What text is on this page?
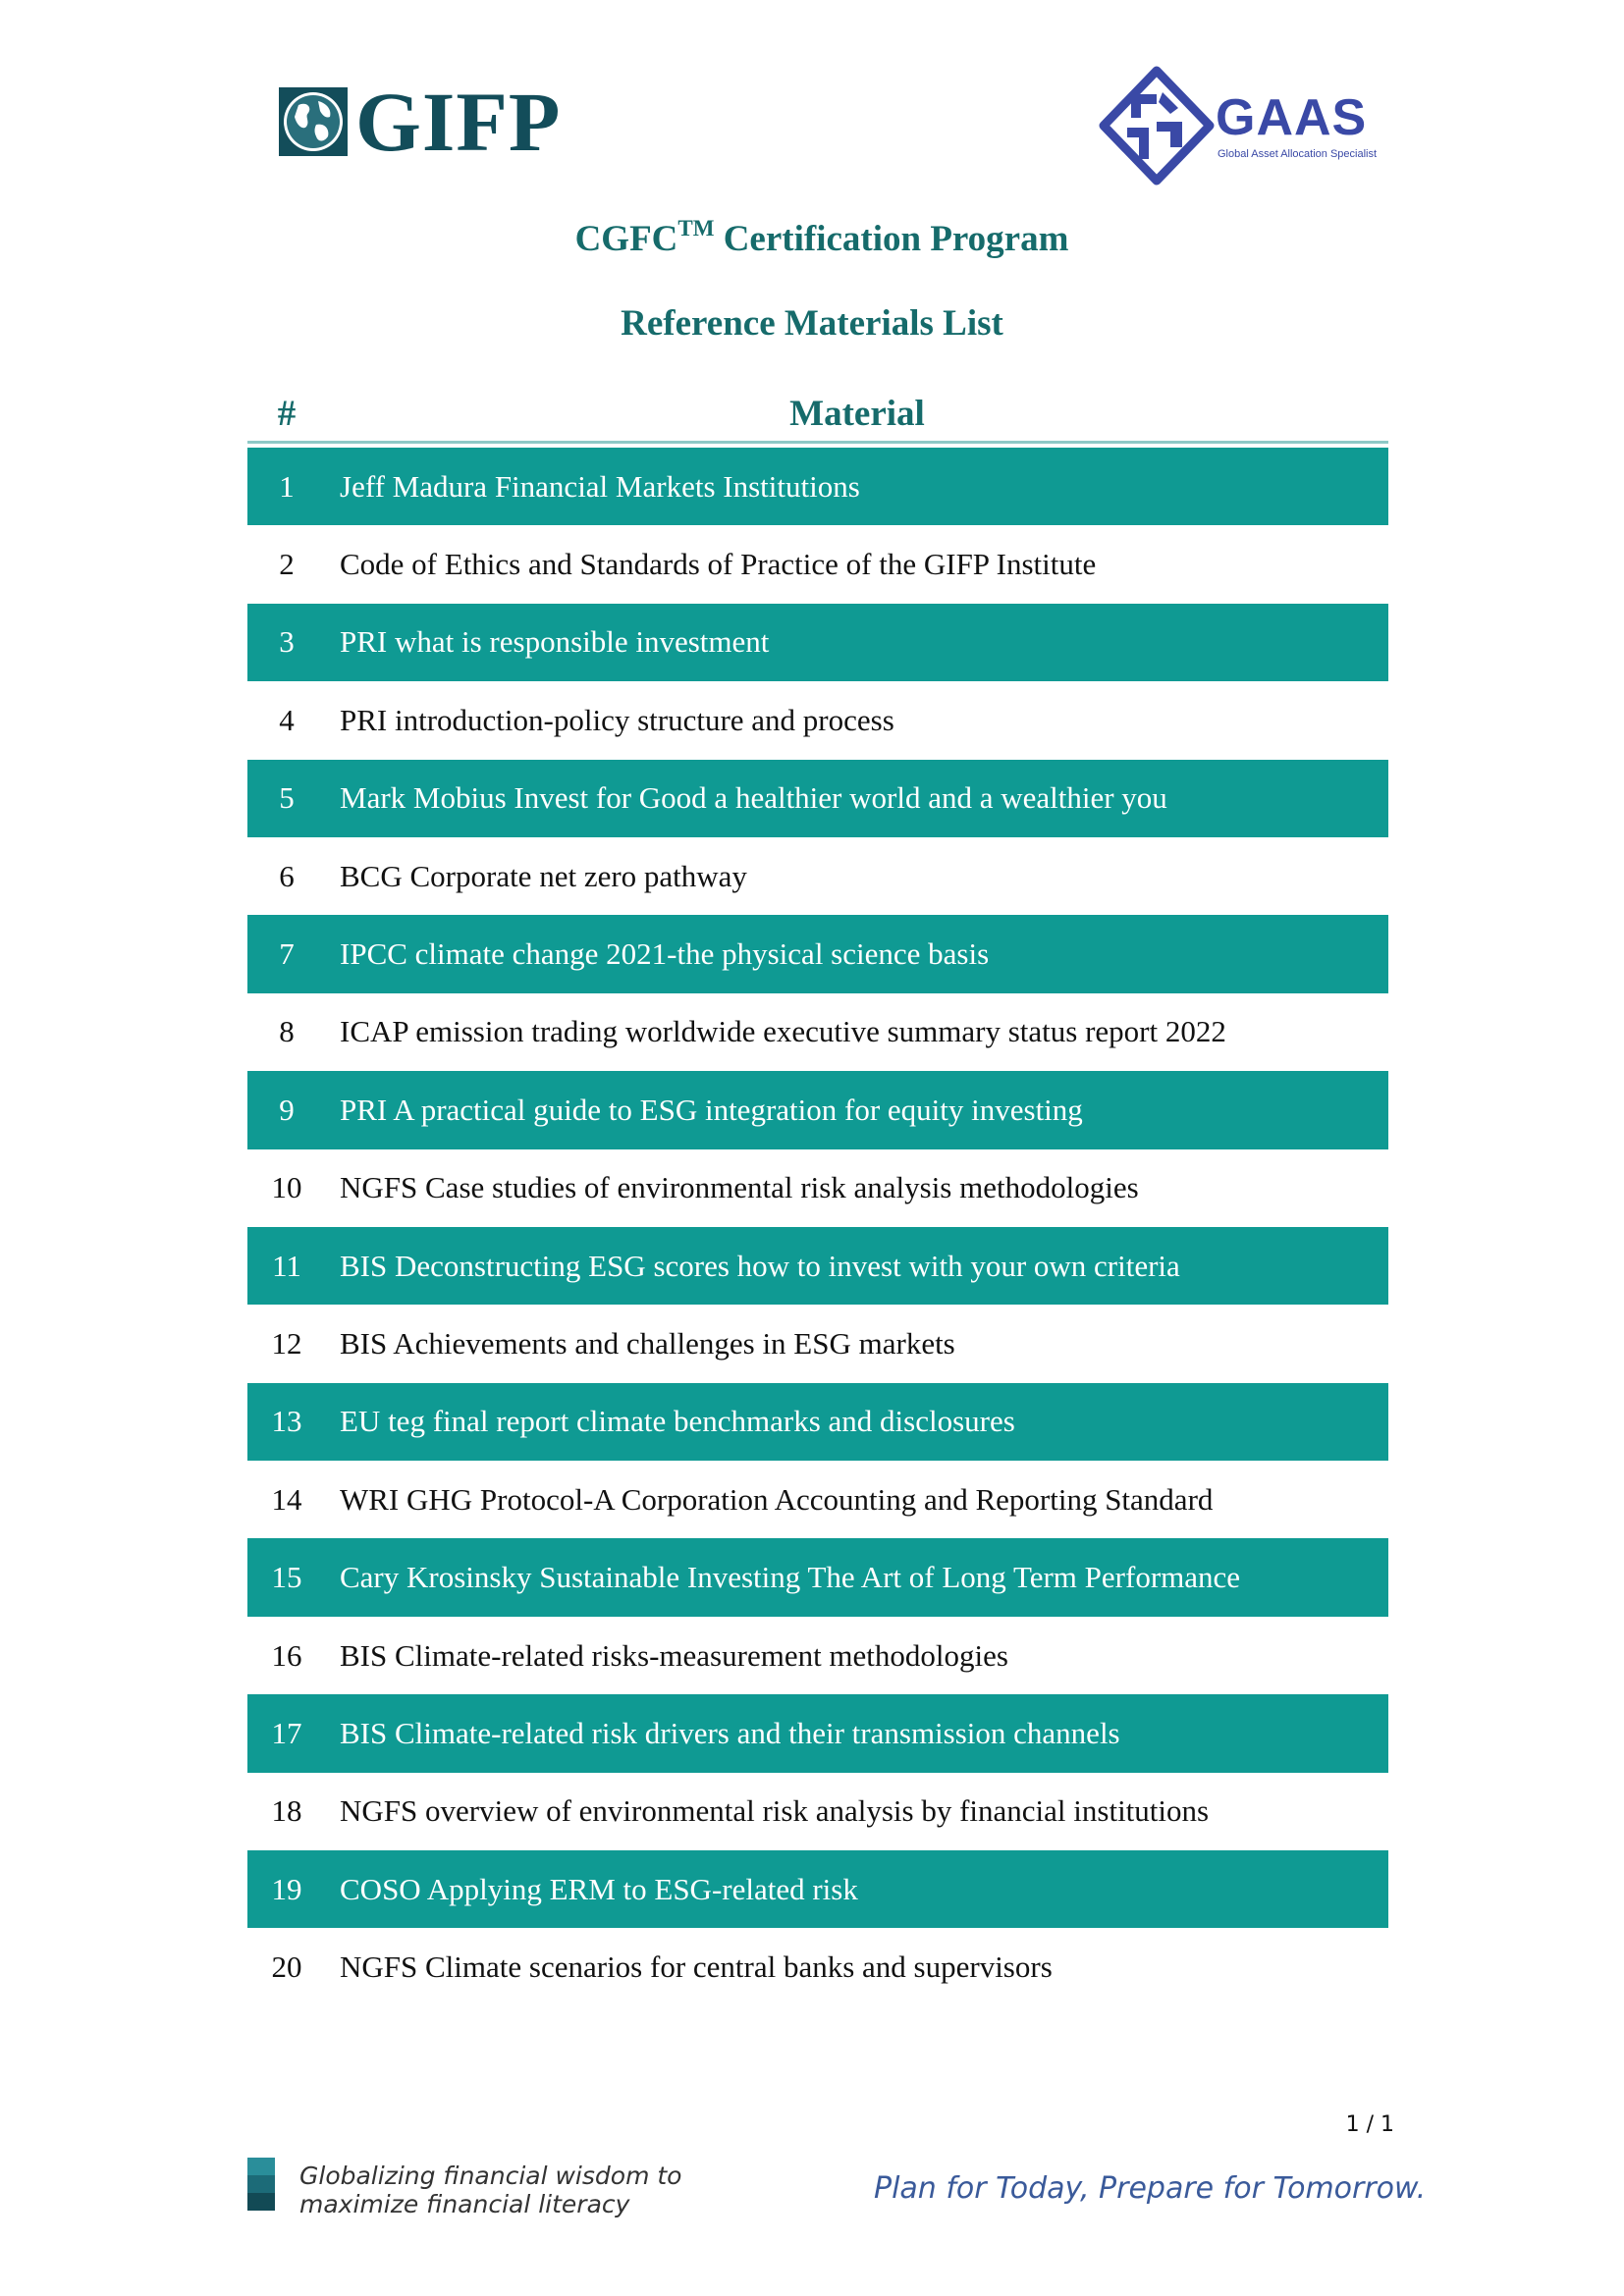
GIFP	GAAS
Global Asset Allocation Specialist
CGFC™ Certification Program
Reference Materials List
#	Material
1	Jeff Madura Financial Markets Institutions
2	Code of Ethics and Standards of Practice of the GIFP Institute
3	PRI what is responsible investment
4	PRI introduction-policy structure and process
5	Mark Mobius Invest for Good a healthier world and a wealthier you
6	BCG Corporate net zero pathway
7	IPCC climate change 2021-the physical science basis
8	ICAP emission trading worldwide executive summary status report 2022
9	PRI A practical guide to ESG integration for equity investing
10	NGFS Case studies of environmental risk analysis methodologies
11	BIS Deconstructing ESG scores how to invest with your own criteria
12	BIS Achievements and challenges in ESG markets
13	EU teg final report climate benchmarks and disclosures
14	WRI GHG Protocol-A Corporation Accounting and Reporting Standard
15	Cary Krosinsky Sustainable Investing The Art of Long Term Performance
16	BIS Climate-related risks-measurement methodologies
17	BIS Climate-related risk drivers and their transmission channels
18	NGFS overview of environmental risk analysis by financial institutions
19	COSO Applying ERM to ESG-related risk
20	NGFS Climate scenarios for central banks and supervisors
1 / 1
Globalizing financial wisdom to
maximize financial literacy	Plan for Today, Prepare for Tomorrow.
